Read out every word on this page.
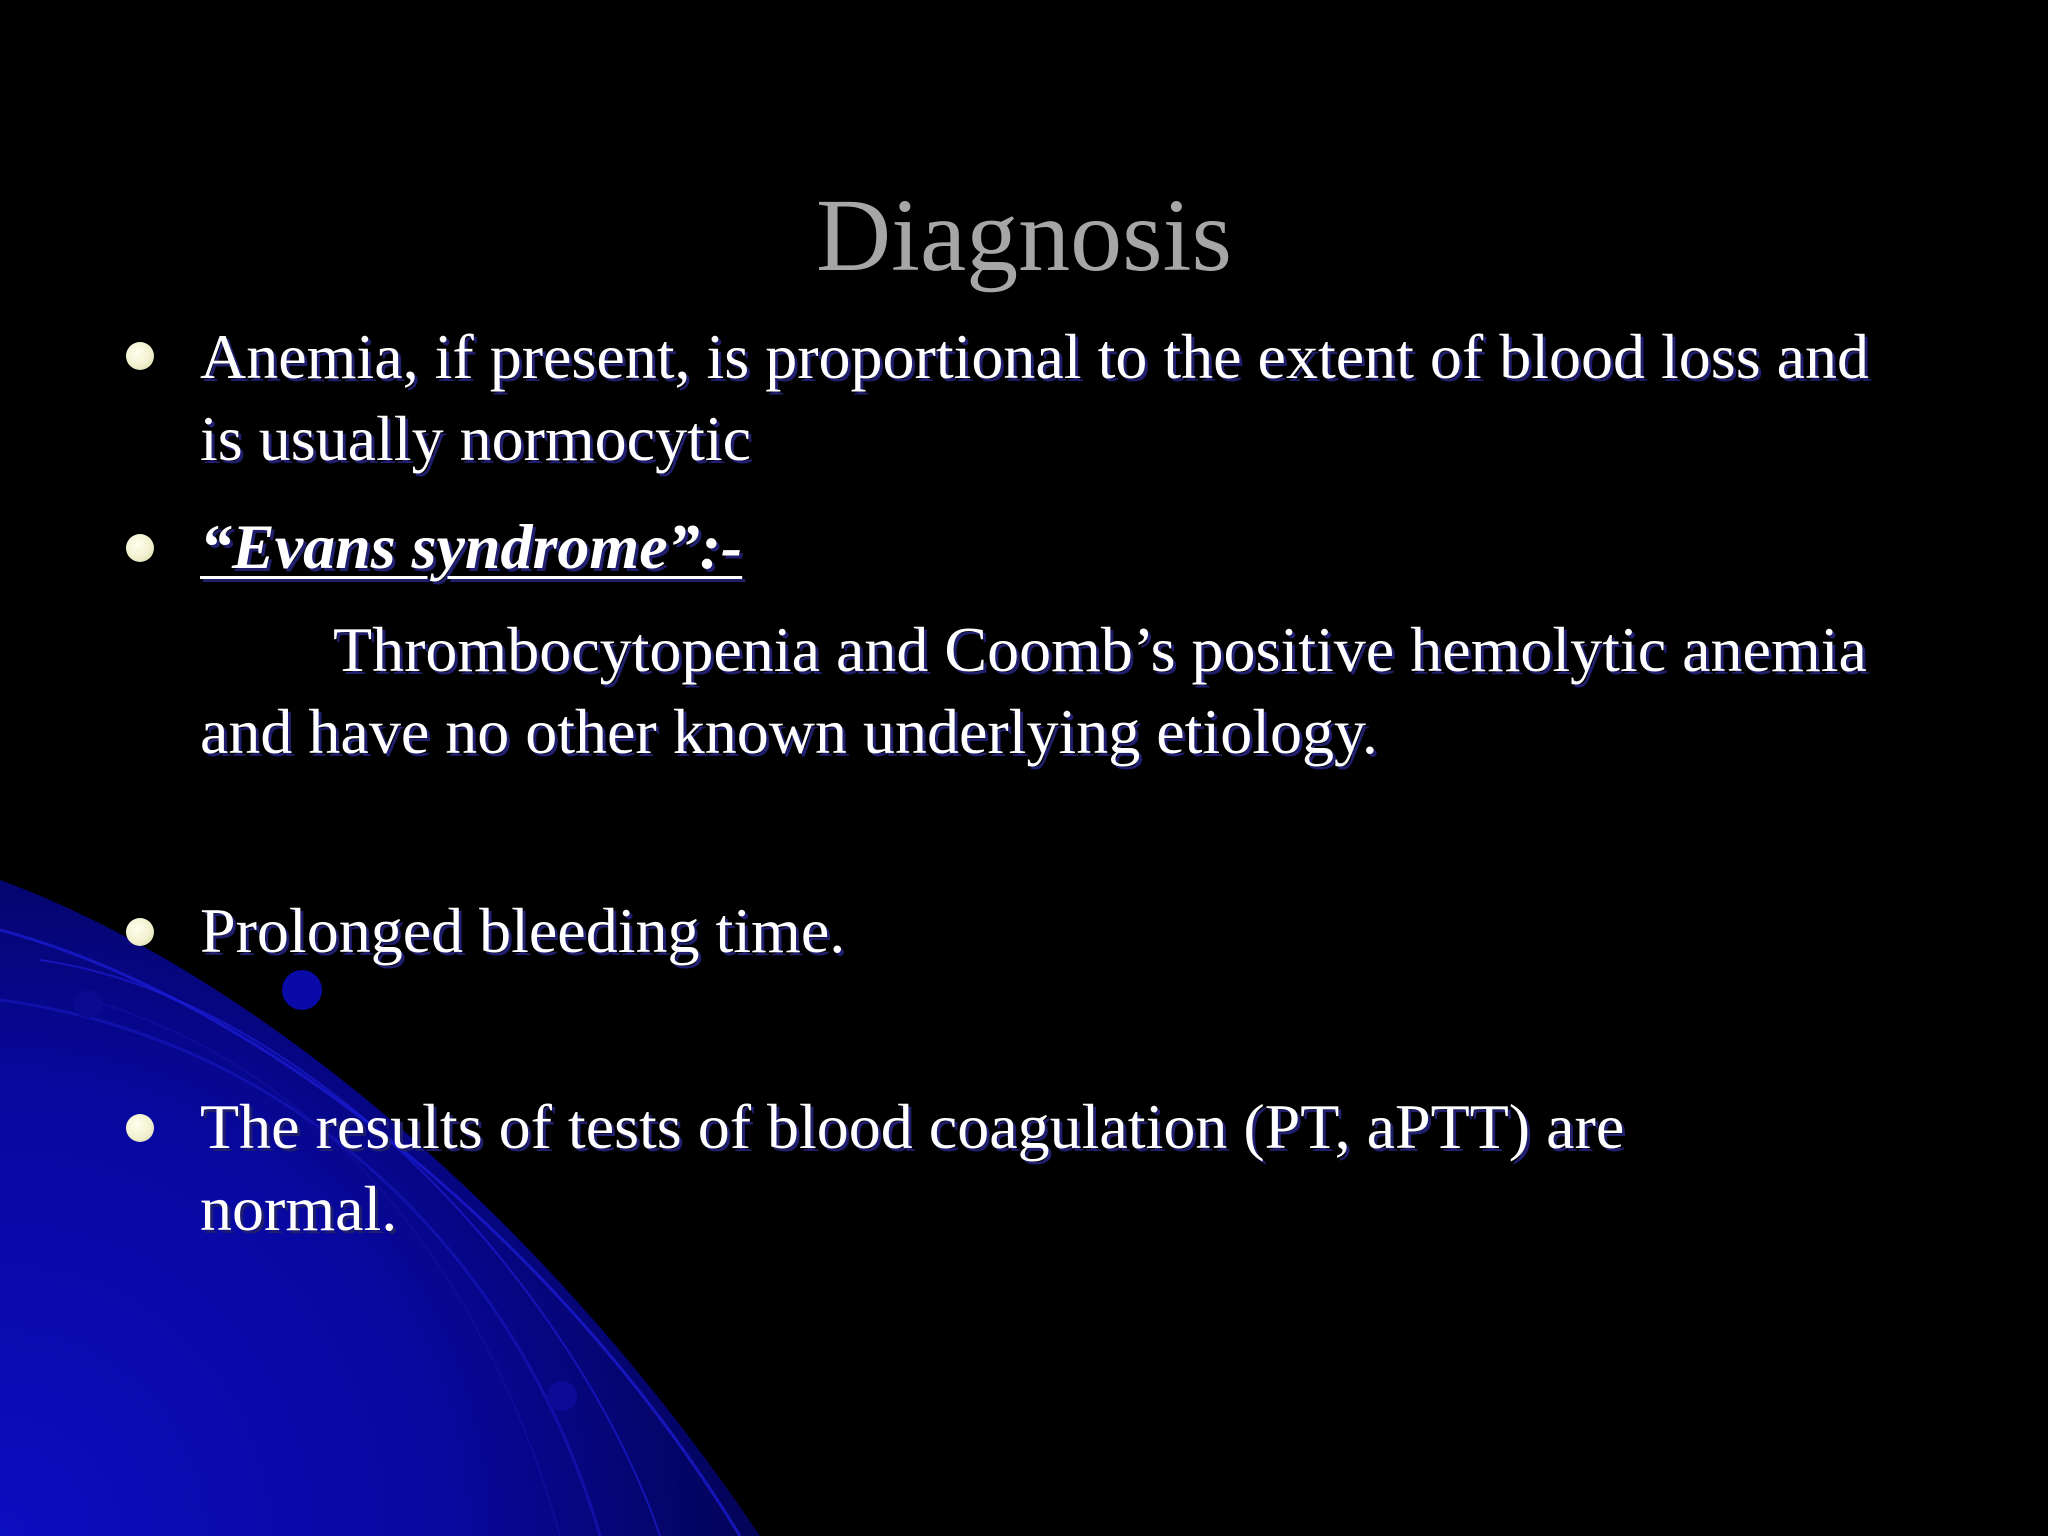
Diagnosis
Anemia, if present, is proportional to the extent of blood loss and is usually normocytic
“Evans syndrome”:-
Thrombocytopenia and Coomb’s positive hemolytic anemia and have no other known underlying etiology.
Prolonged bleeding time.
The results of tests of blood coagulation (PT, aPTT) are normal.
